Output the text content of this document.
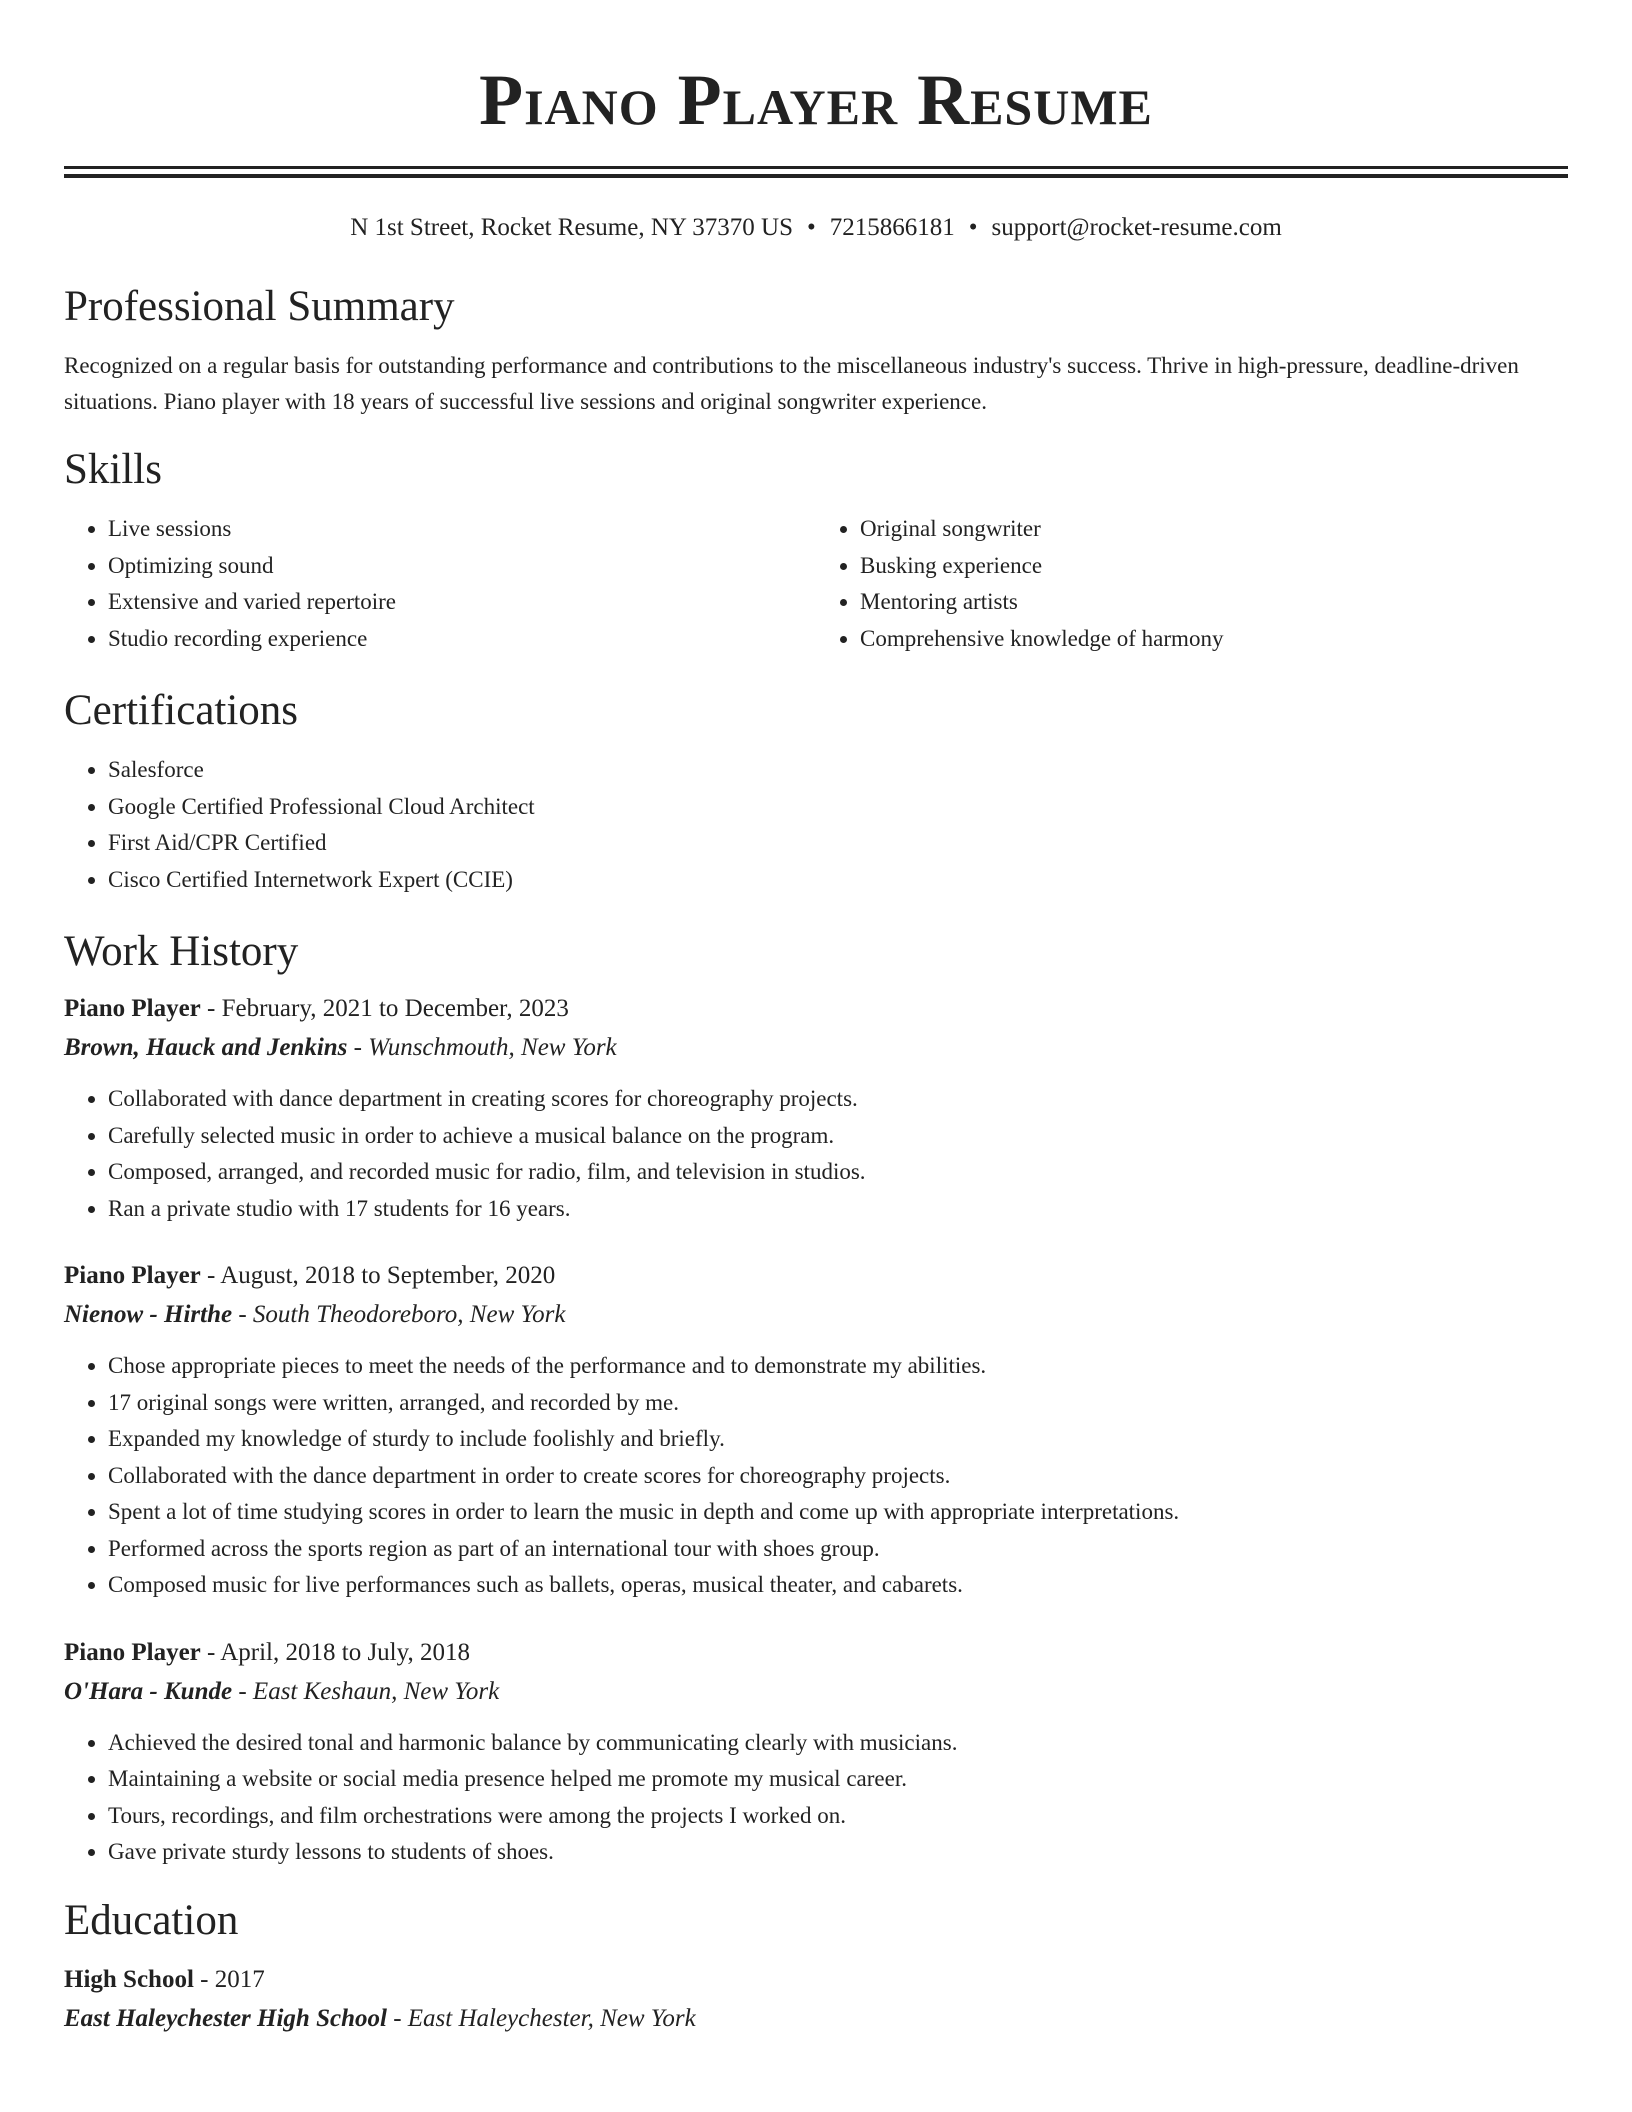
Piano Player Resume
N 1st Street, Rocket Resume, NY 37370 US • 7215866181 • support@rocket-resume.com
Professional Summary

Recognized on a regular basis for outstanding performance and contributions to the miscellaneous industry's success. Thrive in high-pressure, deadline-driven situations. Piano player with 18 years of successful live sessions and original songwriter experience.

Skills
• Live sessions
• Optimizing sound
• Extensive and varied repertoire
• Studio recording experience
• Original songwriter
• Busking experience
• Mentoring artists
• Comprehensive knowledge of harmony
Certifications
• Salesforce
• Google Certified Professional Cloud Architect
• First Aid/CPR Certified
• Cisco Certified Internetwork Expert (CCIE)
Work History
Piano Player - February, 2021 to December, 2023
Brown, Hauck and Jenkins - Wunschmouth, New York
• Collaborated with dance department in creating scores for choreography projects.
• Carefully selected music in order to achieve a musical balance on the program.
• Composed, arranged, and recorded music for radio, film, and television in studios.
• Ran a private studio with 17 students for 16 years.
Piano Player - August, 2018 to September, 2020
Nienow - Hirthe - South Theodoreboro, New York
• Chose appropriate pieces to meet the needs of the performance and to demonstrate my abilities.
• 17 original songs were written, arranged, and recorded by me.
• Expanded my knowledge of sturdy to include foolishly and briefly.
• Collaborated with the dance department in order to create scores for choreography projects.
• Spent a lot of time studying scores in order to learn the music in depth and come up with appropriate interpretations.
• Performed across the sports region as part of an international tour with shoes group.
• Composed music for live performances such as ballets, operas, musical theater, and cabarets.
Piano Player - April, 2018 to July, 2018
O'Hara - Kunde - East Keshaun, New York
• Achieved the desired tonal and harmonic balance by communicating clearly with musicians.
• Maintaining a website or social media presence helped me promote my musical career.
• Tours, recordings, and film orchestrations were among the projects I worked on.
• Gave private sturdy lessons to students of shoes.
Education
High School - 2017
East Haleychester High School - East Haleychester, New York
